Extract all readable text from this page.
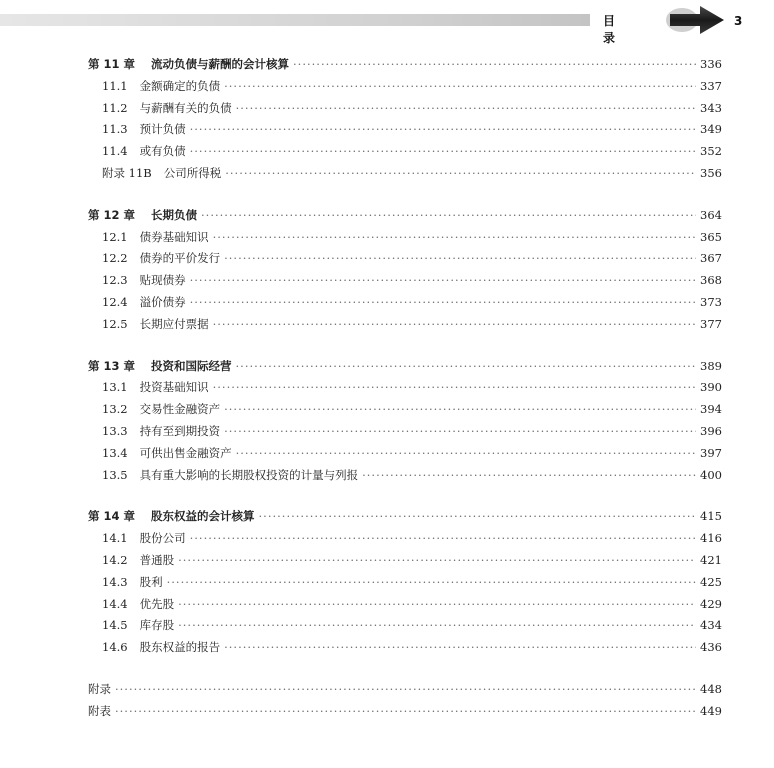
目 录
3
第 11 章 流动负债与薪酬的会计核算 ·····	336
11.1 金额确定的负债 ·····	337
11.2 与薪酬有关的负债 ·····	343
11.3 预计负债 ·····	349
11.4 或有负债 ·····	352
附录 11B 公司所得税 ·····	356
第 12 章 长期负债 ·····	364
12.1 债券基础知识 ·····	365
12.2 债券的平价发行 ·····	367
12.3 贴现债券 ·····	368
12.4 溢价债券 ·····	373
12.5 长期应付票据 ·····	377
第 13 章 投资和国际经营 ·····	389
13.1 投资基础知识 ·····	390
13.2 交易性金融资产 ·····	394
13.3 持有至到期投资 ·····	396
13.4 可供出售金融资产 ·····	397
13.5 具有重大影响的长期股权投资的计量与列报 ·····	400
第 14 章 股东权益的会计核算 ·····	415
14.1 股份公司 ·····	416
14.2 普通股 ·····	421
14.3 股利 ·····	425
14.4 优先股 ·····	429
14.5 库存股 ·····	434
14.6 股东权益的报告 ·····	436
附录 ·····	448
附表 ·····	449
